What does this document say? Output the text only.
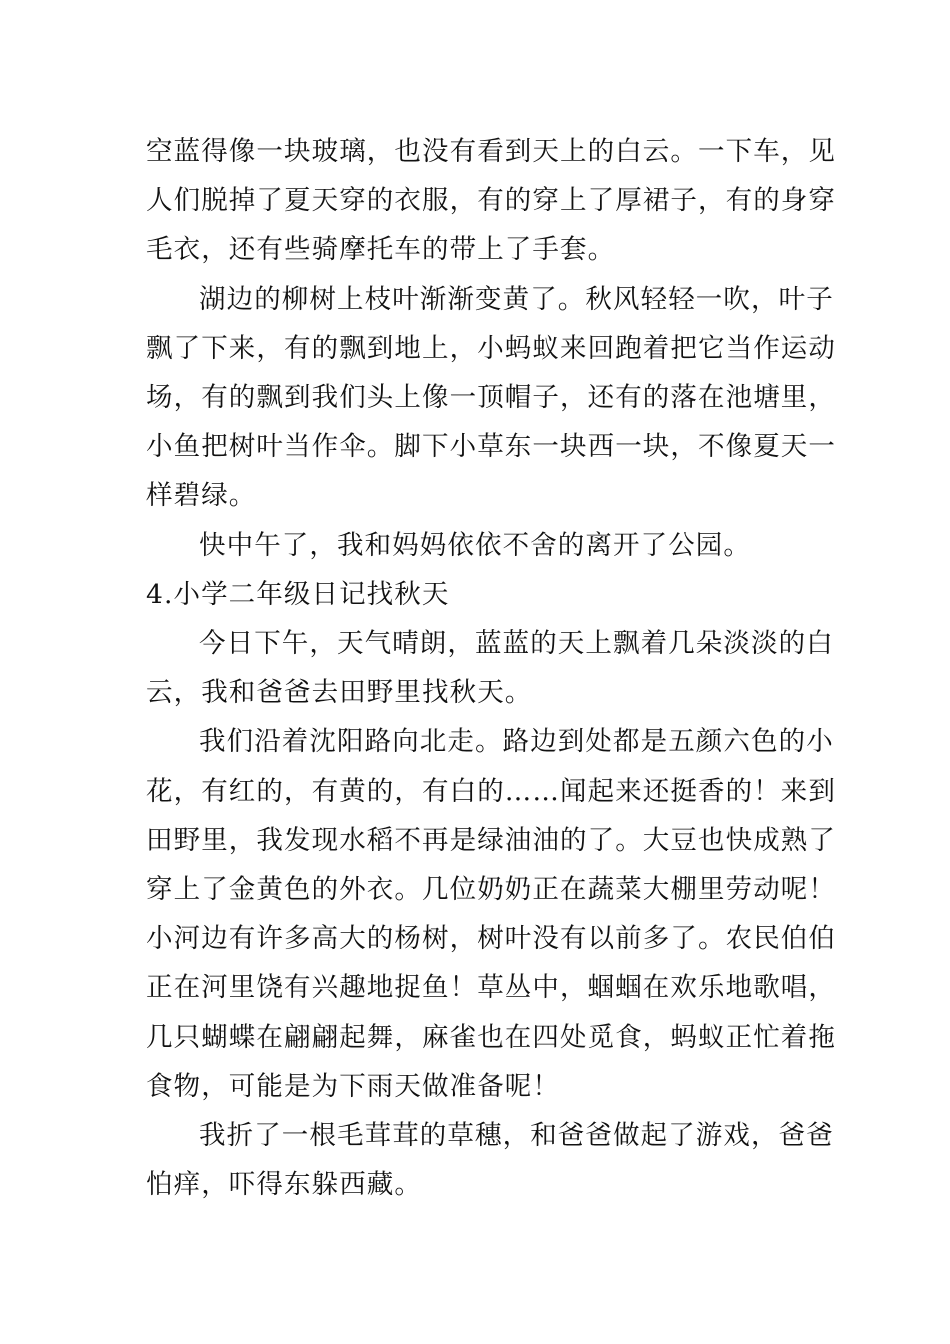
空蓝得像一块玻璃，也没有看到天上的白云。一下车，见
人们脱掉了夏天穿的衣服，有的穿上了厚裙子，有的身穿
毛衣，还有些骑摩托车的带上了手套。
湖边的柳树上枝叶渐渐变黄了。秋风轻轻一吹，叶子
飘了下来，有的飘到地上，小蚂蚁来回跑着把它当作运动
场，有的飘到我们头上像一顶帽子，还有的落在池塘里，
小鱼把树叶当作伞。脚下小草东一块西一块，不像夏天一
样碧绿。
快中午了，我和妈妈依依不舍的离开了公园。
4.小学二年级日记找秋天
今日下午，天气晴朗，蓝蓝的天上飘着几朵淡淡的白
云，我和爸爸去田野里找秋天。
我们沿着沈阳路向北走。路边到处都是五颜六色的小
花，有红的，有黄的，有白的……闻起来还挺香的！来到
田野里，我发现水稻不再是绿油油的了。大豆也快成熟了
穿上了金黄色的外衣。几位奶奶正在蔬菜大棚里劳动呢！
小河边有许多高大的杨树，树叶没有以前多了。农民伯伯
正在河里饶有兴趣地捉鱼！草丛中，蝈蝈在欢乐地歌唱，
几只蝴蝶在翩翩起舞，麻雀也在四处觅食，蚂蚁正忙着拖
食物，可能是为下雨天做准备呢！
我折了一根毛茸茸的草穗，和爸爸做起了游戏，爸爸
怕痒，吓得东躲西藏。
